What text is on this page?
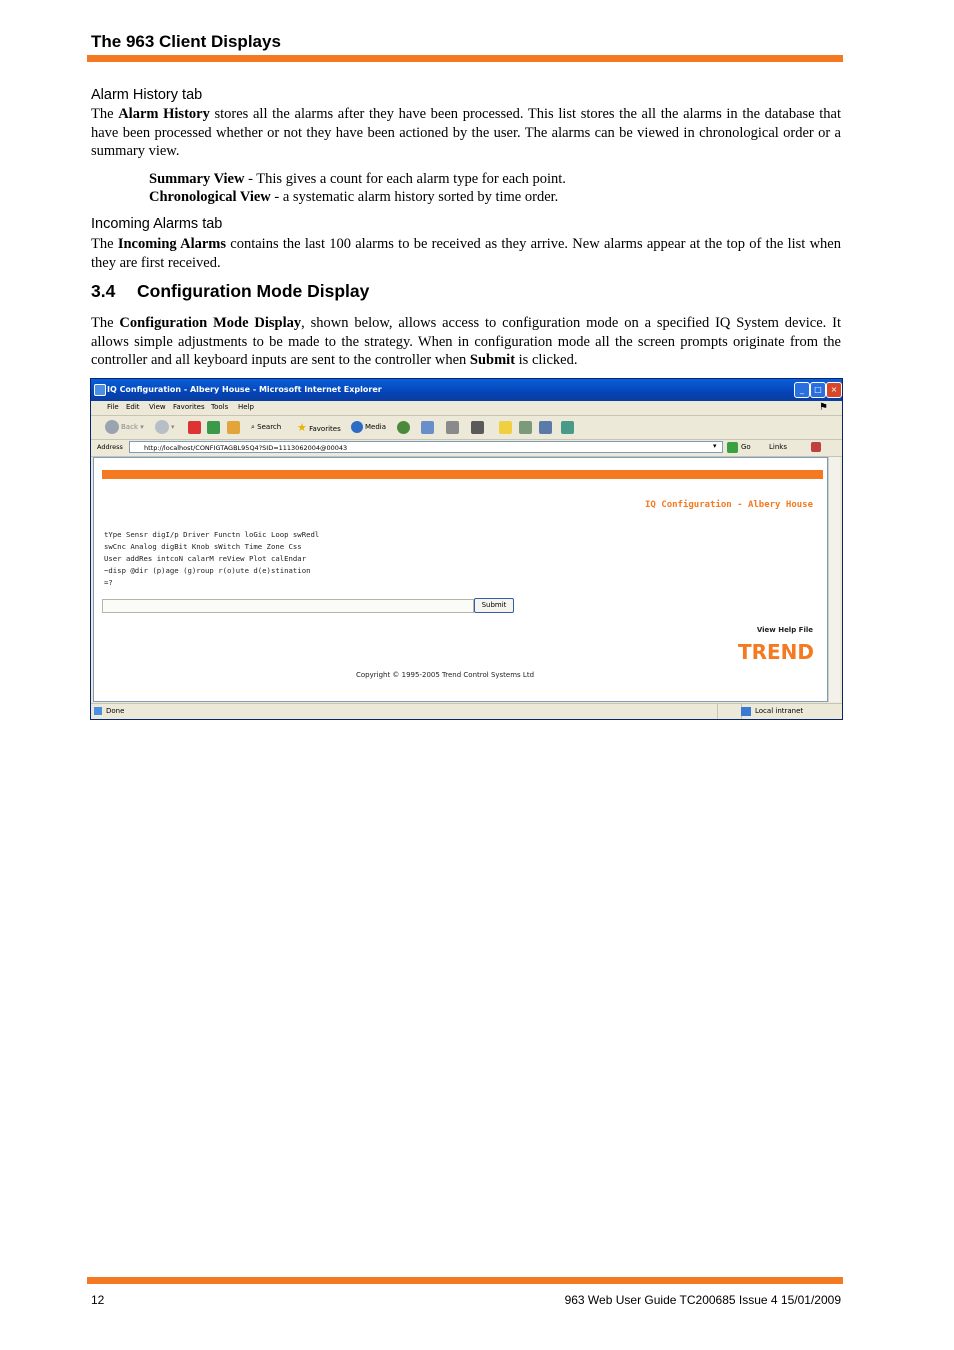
The 963 Client Displays
Alarm History tab
The Alarm History stores all the alarms after they have been processed. This list stores the all the alarms in the database that have been processed whether or not they have been actioned by the user. The alarms can be viewed in chronological order or a summary view.
Summary View - This gives a count for each alarm type for each point.
Chronological View - a systematic alarm history sorted by time order.
Incoming Alarms tab
The Incoming Alarms contains the last 100 alarms to be received as they arrive. New alarms appear at the top of the list when they are first received.
3.4 Configuration Mode Display
The Configuration Mode Display, shown below, allows access to configuration mode on a specified IQ System device. It allows simple adjustments to be made to the strategy. When in configuration mode all the screen prompts originate from the controller and all keyboard inputs are sent to the controller when Submit is clicked.
IQ Configuration - Albery House - Microsoft Internet Explorer	_	□	×
File Edit View Favorites Tools Help	⚑
Back ▾	▾	⌕ Search ★ Favorites	Media
Address	http://localhost/CONFIGTAGBL95Q4?SID=1113062004@00043	▾	Go	Links
IQ Configuration - Albery House
tYpe Sensr digI/p Driver Functn loGic Loop swRedl
swCnc Analog digBit Knob sWitch Time Zone Css
User addRes intcoN calarM reView Plot calEndar
~disp @dir (p)age (g)roup r(o)ute d(e)stination
=?
Submit
View Help File
TREND
Copyright © 1995-2005 Trend Control Systems Ltd
Done	Local intranet
12	963 Web User Guide TC200685 Issue 4 15/01/2009
